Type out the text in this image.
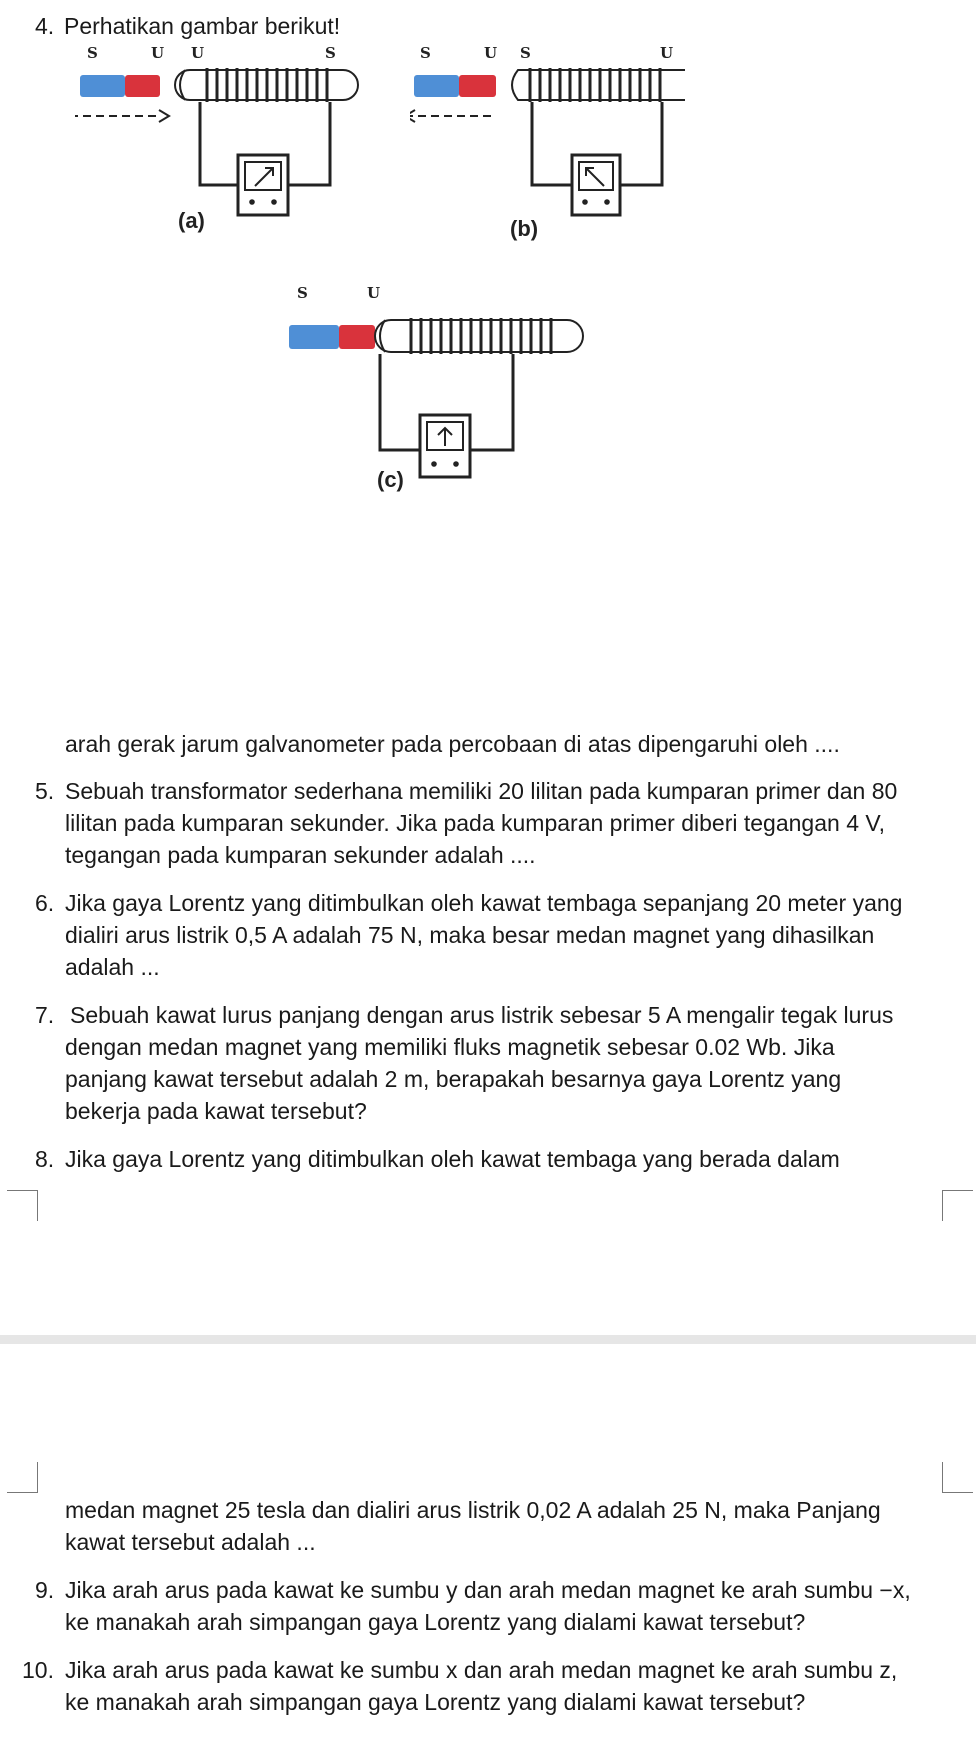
4. Perhatikan gambar berikut!
S	U U	S
(a)
S	U S	U
(b)
S	U
(c)
arah gerak jarum galvanometer pada percobaan di atas dipengaruhi oleh ....
5. Sebuah transformator sederhana memiliki 20 lilitan pada kumparan primer dan 80
lilitan pada kumparan sekunder. Jika pada kumparan primer diberi tegangan 4 V,
tegangan pada kumparan sekunder adalah ....
6. Jika gaya Lorentz yang ditimbulkan oleh kawat tembaga sepanjang 20 meter yang
dialiri arus listrik 0,5 A adalah 75 N, maka besar medan magnet yang dihasilkan
adalah ...
7. Sebuah kawat lurus panjang dengan arus listrik sebesar 5 A mengalir tegak lurus
dengan medan magnet yang memiliki fluks magnetik sebesar 0.02 Wb. Jika
panjang kawat tersebut adalah 2 m, berapakah besarnya gaya Lorentz yang
bekerja pada kawat tersebut?
8. Jika gaya Lorentz yang ditimbulkan oleh kawat tembaga yang berada dalam
medan magnet 25 tesla dan dialiri arus listrik 0,02 A adalah 25 N, maka Panjang
kawat tersebut adalah ...
9. Jika arah arus pada kawat ke sumbu y dan arah medan magnet ke arah sumbu −x,
ke manakah arah simpangan gaya Lorentz yang dialami kawat tersebut?
10. Jika arah arus pada kawat ke sumbu x dan arah medan magnet ke arah sumbu z,
ke manakah arah simpangan gaya Lorentz yang dialami kawat tersebut?
